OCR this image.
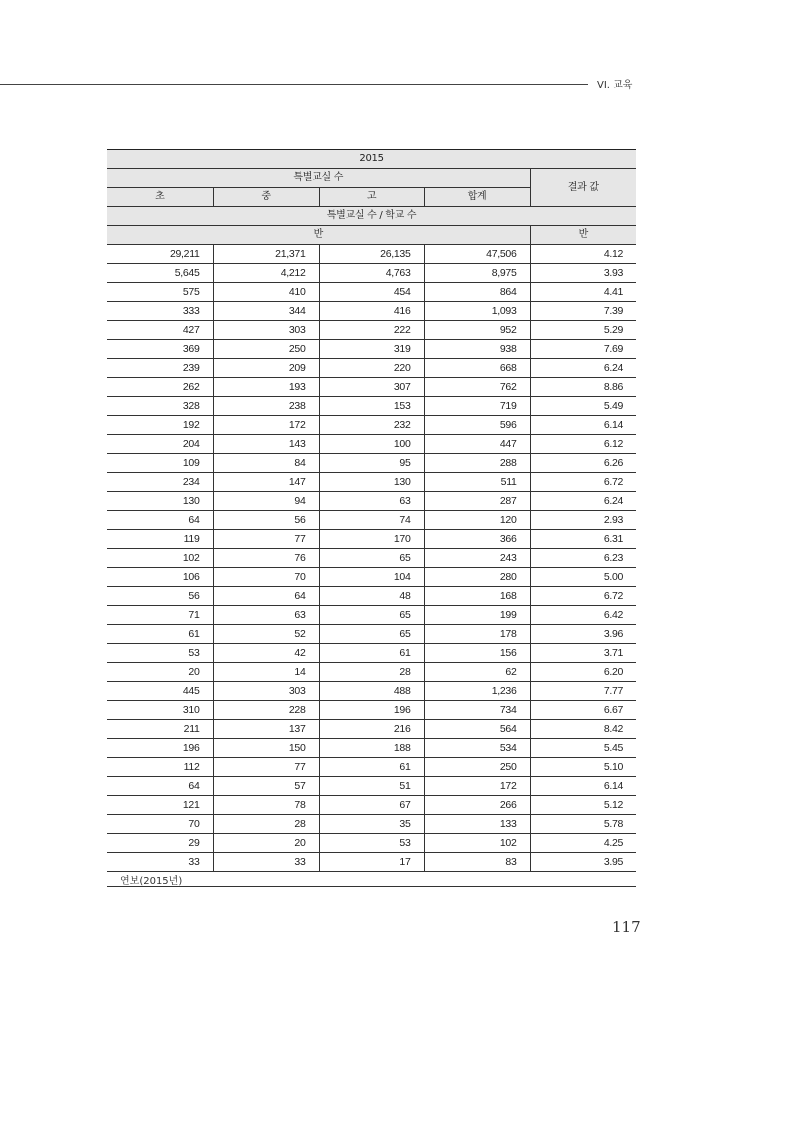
VI. 교육
2015				
특별교실 수				결과 값
초	중	고	합계	
특별교실 수 / 학교 수				
반				반
29,211	21,371	26,135	47,506	4.12
5,645	4,212	4,763	8,975	3.93
575	410	454	864	4.41
333	344	416	1,093	7.39
427	303	222	952	5.29
369	250	319	938	7.69
239	209	220	668	6.24
262	193	307	762	8.86
328	238	153	719	5.49
192	172	232	596	6.14
204	143	100	447	6.12
109	84	95	288	6.26
234	147	130	511	6.72
130	94	63	287	6.24
64	56	74	120	2.93
119	77	170	366	6.31
102	76	65	243	6.23
106	70	104	280	5.00
56	64	48	168	6.72
71	63	65	199	6.42
61	52	65	178	3.96
53	42	61	156	3.71
20	14	28	62	6.20
445	303	488	1,236	7.77
310	228	196	734	6.67
211	137	216	564	8.42
196	150	188	534	5.45
112	77	61	250	5.10
64	57	51	172	6.14
121	78	67	266	5.12
70	28	35	133	5.78
29	20	53	102	4.25
33	33	17	83	3.95
연보(2015년)
117
